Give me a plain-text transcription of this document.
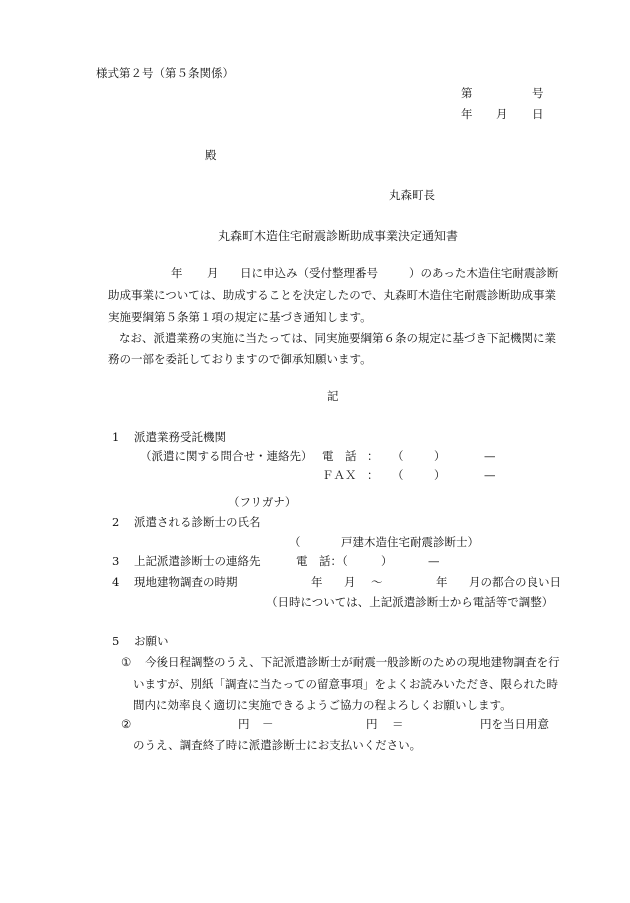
様式第２号（第５条関係）
第	号
年 月 日
殿
丸森町長
丸森町木造住宅耐震診断助成事業決定通知書
年 月 日に申込み（受付整理番号	）のあった木造住宅耐震診断
助成事業については、助成することを決定したので、丸森町木造住宅耐震診断助成事業
実施要綱第５条第１項の規定に基づき通知します。
なお、派遣業務の実施に当たっては、同実施要綱第６条の規定に基づき下記機関に業
務の一部を委託しておりますので御承知願います。
記
1 派遣業務受託機関
（派遣に関する問合せ・連絡先） 電　話 ： （	）	—
ＦＡＸ ： （	）	—
（フリガナ）
2 派遣される診断士の氏名
（	戸建木造住宅耐震診断士）
3 上記派遣診断士の連絡先	電　話：（	）	—
4 現地建物調査の時期	年 月 ～	年 月の都合の良い日
（日時については、上記派遣診断士から電話等で調整）
5 お願い
① 今後日程調整のうえ、下記派遣診断士が耐震一般診断のための現地建物調査を行
いますが、別紙「調査に当たっての留意事項」をよくお読みいただき、限られた時
間内に効率良く適切に実施できるようご協力の程よろしくお願いします。
②	円 －	円 ＝	円を当日用意
のうえ、調査終了時に派遣診断士にお支払いください。
